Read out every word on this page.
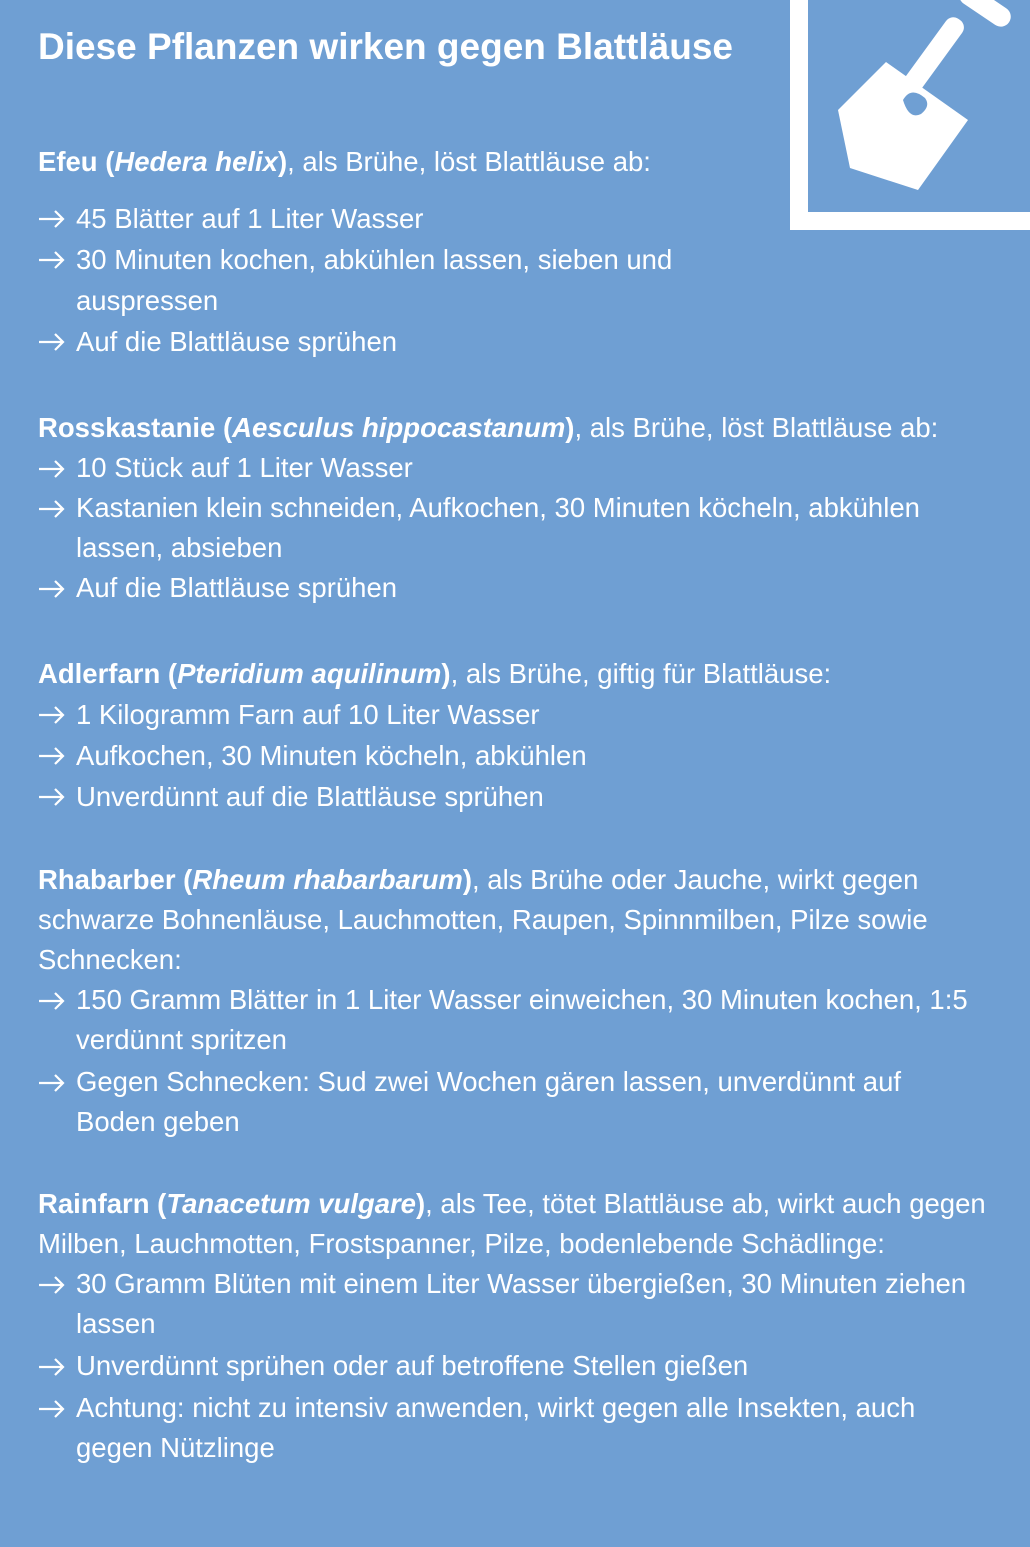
Diese Pflanzen wirken gegen Blattläuse

Efeu (Hedera helix), als Brühe, löst Blattläuse ab:

45 Blätter auf 1 Liter Wasser
30 Minuten kochen, abkühlen lassen, sieben und auspressen
Auf die Blattläuse sprühen

Rosskastanie (Aesculus hippocastanum), als Brühe, löst Blattläuse ab:

10 Stück auf 1 Liter Wasser
Kastanien klein schneiden, Aufkochen, 30 Minuten köcheln, abkühlen lassen, absieben
Auf die Blattläuse sprühen

Adlerfarn (Pteridium aquilinum), als Brühe, giftig für Blattläuse:

1 Kilogramm Farn auf 10 Liter Wasser
Aufkochen, 30 Minuten köcheln, abkühlen
Unverdünnt auf die Blattläuse sprühen

Rhabarber (Rheum rhabarbarum), als Brühe oder Jauche, wirkt gegen schwarze Bohnenläuse, Lauchmotten, Raupen, Spinnmilben, Pilze sowie Schnecken:

150 Gramm Blätter in 1 Liter Wasser einweichen, 30 Minuten kochen, 1:5 verdünnt spritzen
Gegen Schnecken: Sud zwei Wochen gären lassen, unverdünnt auf Boden geben

Rainfarn (Tanacetum vulgare), als Tee, tötet Blattläuse ab, wirkt auch gegen Milben, Lauchmotten, Frostspanner, Pilze, bodenlebende Schädlinge:

30 Gramm Blüten mit einem Liter Wasser übergießen, 30 Minuten ziehen lassen
Unverdünnt sprühen oder auf betroffene Stellen gießen
Achtung: nicht zu intensiv anwenden, wirkt gegen alle Insekten, auch gegen Nützlinge
